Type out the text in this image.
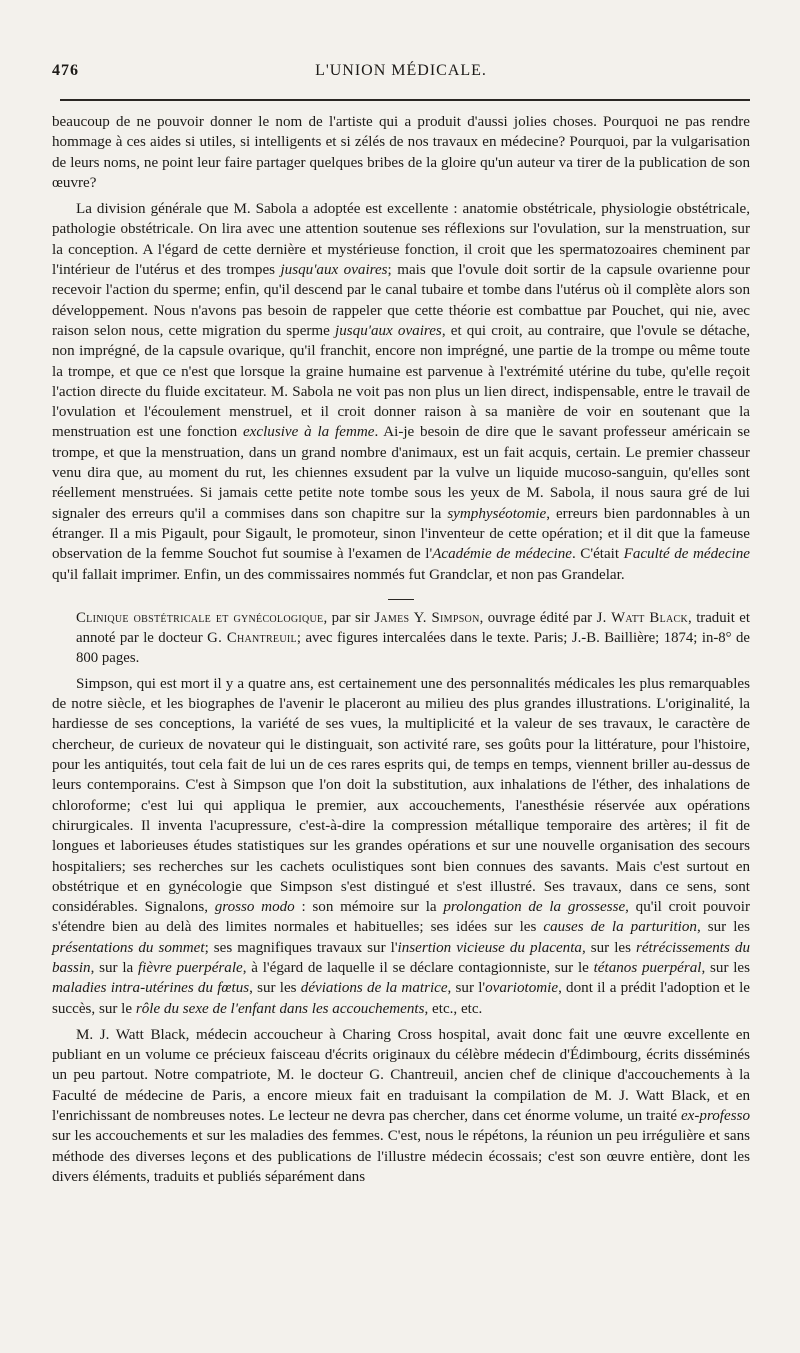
L'UNION MÉDICALE.
476

beaucoup de ne pouvoir donner le nom de l'artiste qui a produit d'aussi jolies choses. Pourquoi ne pas rendre hommage à ces aides si utiles, si intelligents et si zélés de nos travaux en médecine? Pourquoi, par la vulgarisation de leurs noms, ne point leur faire partager quelques bribes de la gloire qu'un auteur va tirer de la publication de son œuvre?

La division générale que M. Sabola a adoptée est excellente : anatomie obstétricale, physiologie obstétricale, pathologie obstétricale. On lira avec une attention soutenue ses réflexions sur l'ovulation, sur la menstruation, sur la conception. A l'égard de cette dernière et mystérieuse fonction, il croit que les spermatozoaires cheminent par l'intérieur de l'utérus et des trompes jusqu'aux ovaires; mais que l'ovule doit sortir de la capsule ovarienne pour recevoir l'action du sperme; enfin, qu'il descend par le canal tubaire et tombe dans l'utérus où il complète alors son développement. Nous n'avons pas besoin de rappeler que cette théorie est combattue par Pouchet, qui nie, avec raison selon nous, cette migration du sperme jusqu'aux ovaires, et qui croit, au contraire, que l'ovule se détache, non imprégné, de la capsule ovarique, qu'il franchit, encore non imprégné, une partie de la trompe ou même toute la trompe, et que ce n'est que lorsque la graine humaine est parvenue à l'extrémité utérine du tube, qu'elle reçoit l'action directe du fluide excitateur. M. Sabola ne voit pas non plus un lien direct, indispensable, entre le travail de l'ovulation et l'écoulement menstruel, et il croit donner raison à sa manière de voir en soutenant que la menstruation est une fonction exclusive à la femme. Ai-je besoin de dire que le savant professeur américain se trompe, et que la menstruation, dans un grand nombre d'animaux, est un fait acquis, certain. Le premier chasseur venu dira que, au moment du rut, les chiennes exsudent par la vulve un liquide mucoso-sanguin, qu'elles sont réellement menstruées. Si jamais cette petite note tombe sous les yeux de M. Sabola, il nous saura gré de lui signaler des erreurs qu'il a commises dans son chapitre sur la symphyséotomie, erreurs bien pardonnables à un étranger. Il a mis Pigault, pour Sigault, le promoteur, sinon l'inventeur de cette opération; et il dit que la fameuse observation de la femme Souchot fut soumise à l'examen de l'Académie de médecine. C'était Faculté de médecine qu'il fallait imprimer. Enfin, un des commissaires nommés fut Grandclar, et non pas Grandelar.

Clinique obstétricale et gynécologique, par sir James Y. Simpson, ouvrage édité par J. Watt Black, traduit et annoté par le docteur G. Chantreuil; avec figures intercalées dans le texte. Paris; J.-B. Baillière; 1874; in-8° de 800 pages.

Simpson, qui est mort il y a quatre ans, est certainement une des personnalités médicales les plus remarquables de notre siècle, et les biographes de l'avenir le placeront au milieu des plus grandes illustrations. L'originalité, la hardiesse de ses conceptions, la variété de ses vues, la multiplicité et la valeur de ses travaux, le caractère de chercheur, de curieux de novateur qui le distinguait, son activité rare, ses goûts pour la littérature, pour l'histoire, pour les antiquités, tout cela fait de lui un de ces rares esprits qui, de temps en temps, viennent briller au-dessus de leurs contemporains. C'est à Simpson que l'on doit la substitution, aux inhalations de l'éther, des inhalations de chloroforme; c'est lui qui appliqua le premier, aux accouchements, l'anesthésie réservée aux opérations chirurgicales. Il inventa l'acupressure, c'est-à-dire la compression métallique temporaire des artères; il fit de longues et laborieuses études statistiques sur les grandes opérations et sur une nouvelle organisation des secours hospitaliers; ses recherches sur les cachets oculistiques sont bien connues des savants. Mais c'est surtout en obstétrique et en gynécologie que Simpson s'est distingué et s'est illustré. Ses travaux, dans ce sens, sont considérables. Signalons, grosso modo : son mémoire sur la prolongation de la grossesse, qu'il croit pouvoir s'étendre bien au delà des limites normales et habituelles; ses idées sur les causes de la parturition, sur les présentations du sommet; ses magnifiques travaux sur l'insertion vicieuse du placenta, sur les rétrécissements du bassin, sur la fièvre puerpérale, à l'égard de laquelle il se déclare contagionniste, sur le tétanos puerpéral, sur les maladies intra-utérines du fœtus, sur les déviations de la matrice, sur l'ovariotomie, dont il a prédit l'adoption et le succès, sur le rôle du sexe de l'enfant dans les accouchements, etc., etc.

M. J. Watt Black, médecin accoucheur à Charing Cross hospital, avait donc fait une œuvre excellente en publiant en un volume ce précieux faisceau d'écrits originaux du célèbre médecin d'Édimbourg, écrits disséminés un peu partout. Notre compatriote, M. le docteur G. Chantreuil, ancien chef de clinique d'accouchements à la Faculté de médecine de Paris, a encore mieux fait en traduisant la compilation de M. J. Watt Black, et en l'enrichissant de nombreuses notes. Le lecteur ne devra pas chercher, dans cet énorme volume, un traité ex-professo sur les accouchements et sur les maladies des femmes. C'est, nous le répétons, la réunion un peu irrégulière et sans méthode des diverses leçons et des publications de l'illustre médecin écossais; c'est son œuvre entière, dont les divers éléments, traduits et publiés séparément dans
